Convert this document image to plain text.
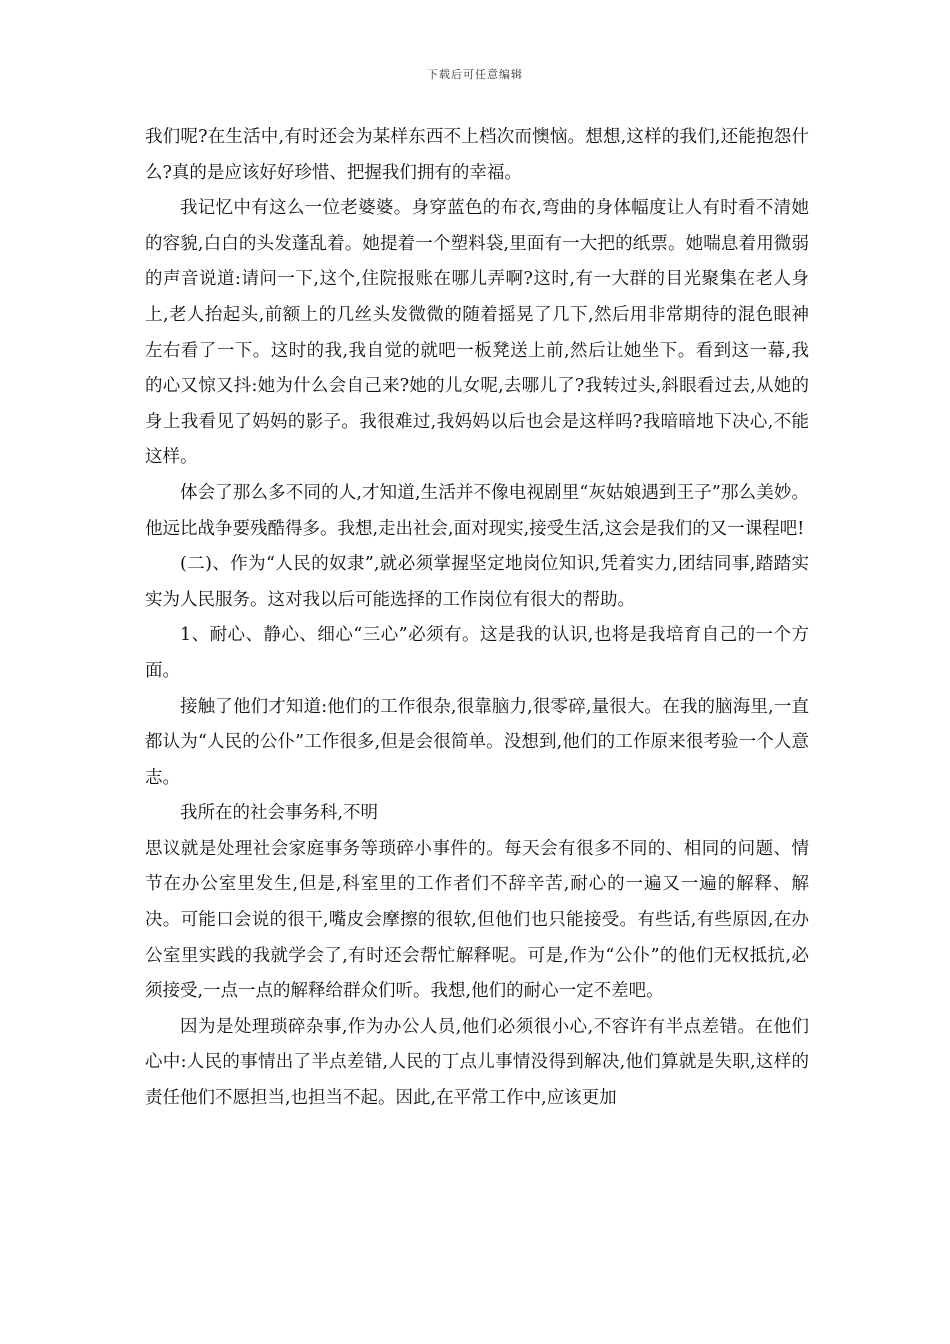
下载后可任意编辑

我们呢?在生活中,有时还会为某样东西不上档次而懊恼。想想,这样的我们,还能抱怨什么?真的是应该好好珍惜、把握我们拥有的幸福。

我记忆中有这么一位老婆婆。身穿蓝色的布衣,弯曲的身体幅度让人有时看不清她的容貌,白白的头发蓬乱着。她提着一个塑料袋,里面有一大把的纸票。她喘息着用微弱的声音说道:请问一下,这个,住院报账在哪儿弄啊?这时,有一大群的目光聚集在老人身上,老人抬起头,前额上的几丝头发微微的随着摇晃了几下,然后用非常期待的混色眼神左右看了一下。这时的我,我自觉的就吧一板凳送上前,然后让她坐下。看到这一幕,我的心又惊又抖:她为什么会自己来?她的儿女呢,去哪儿了?我转过头,斜眼看过去,从她的身上我看见了妈妈的影子。我很难过,我妈妈以后也会是这样吗?我暗暗地下决心,不能这样。

体会了那么多不同的人,才知道,生活并不像电视剧里“灰姑娘遇到王子”那么美妙。他远比战争要残酷得多。我想,走出社会,面对现实,接受生活,这会是我们的又一课程吧!

(二)、作为“人民的奴隶”,就必须掌握坚定地岗位知识,凭着实力,团结同事,踏踏实实为人民服务。这对我以后可能选择的工作岗位有很大的帮助。

1、耐心、静心、细心“三心”必须有。这是我的认识,也将是我培育自己的一个方面。

接触了他们才知道:他们的工作很杂,很靠脑力,很零碎,量很大。在我的脑海里,一直都认为“人民的公仆”工作很多,但是会很简单。没想到,他们的工作原来很考验一个人意志。

我所在的社会事务科,不明

思议就是处理社会家庭事务等琐碎小事件的。每天会有很多不同的、相同的问题、情节在办公室里发生,但是,科室里的工作者们不辞辛苦,耐心的一遍又一遍的解释、解决。可能口会说的很干,嘴皮会摩擦的很软,但他们也只能接受。有些话,有些原因,在办公室里实践的我就学会了,有时还会帮忙解释呢。可是,作为“公仆”的他们无权抵抗,必须接受,一点一点的解释给群众们听。我想,他们的耐心一定不差吧。

因为是处理琐碎杂事,作为办公人员,他们必须很小心,不容许有半点差错。在他们心中:人民的事情出了半点差错,人民的丁点儿事情没得到解决,他们算就是失职,这样的责任他们不愿担当,也担当不起。因此,在平常工作中,应该更加
